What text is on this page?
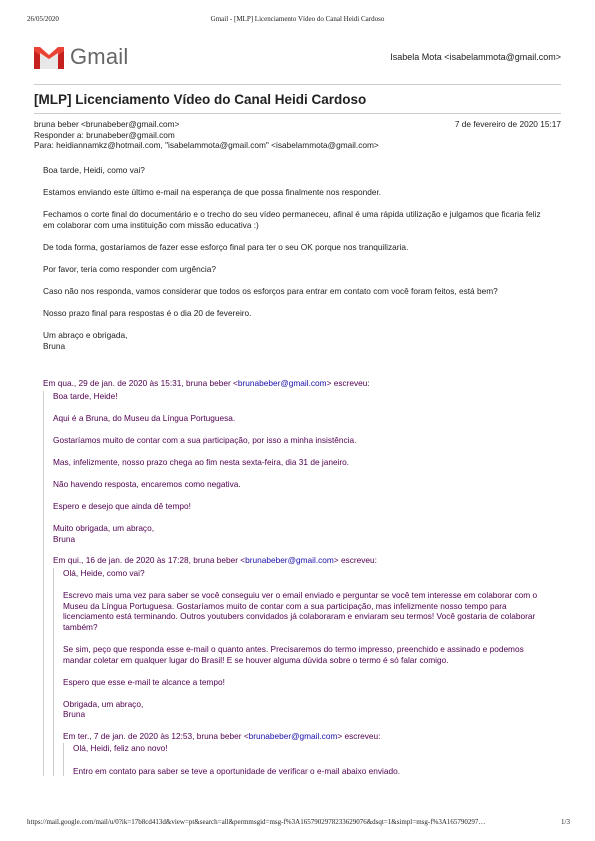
26/05/2020	Gmail - [MLP] Licenciamento Vídeo do Canal Heidi Cardoso
Gmail	Isabela Mota <isabelammota@gmail.com>
[MLP] Licenciamento Vídeo do Canal Heidi Cardoso
bruna beber <brunabeber@gmail.com>	7 de fevereiro de 2020 15:17
Responder a: brunabeber@gmail.com
Para: heidiannamkz@hotmail.com, "isabelammota@gmail.com" <isabelammota@gmail.com>

Boa tarde, Heidi, como vai?

Estamos enviando este último e-mail na esperança de que possa finalmente nos responder.

Fechamos o corte final do documentário e o trecho do seu vídeo permaneceu, afinal é uma rápida utilização e julgamos que ficaria feliz em colaborar com uma instituição com missão educativa :)

De toda forma, gostaríamos de fazer esse esforço final para ter o seu OK porque nos tranquilizaria.

Por favor, teria como responder com urgência?

Caso não nos responda, vamos considerar que todos os esforços para entrar em contato com você foram feitos, está bem?

Nosso prazo final para respostas é o dia 20 de fevereiro.

Um abraço e obrigada,
Bruna
Em qua., 29 de jan. de 2020 às 15:31, bruna beber <brunabeber@gmail.com> escreveu:

Boa tarde, Heide!

Aqui é a Bruna, do Museu da Língua Portuguesa.

Gostaríamos muito de contar com a sua participação, por isso a minha insistência.

Mas, infelizmente, nosso prazo chega ao fim nesta sexta-feira, dia 31 de janeiro.

Não havendo resposta, encaremos como negativa.

Espero e desejo que ainda dê tempo!

Muito obrigada, um abraço,
Bruna
Em qui., 16 de jan. de 2020 às 17:28, bruna beber <brunabeber@gmail.com> escreveu:

Olá, Heide, como vai?

Escrevo mais uma vez para saber se você conseguiu ver o email enviado e perguntar se você tem interesse em colaborar com o Museu da Língua Portuguesa. Gostaríamos muito de contar com a sua participação, mas infelizmente nosso tempo para licenciamento está terminando. Outros youtubers convidados já colaboraram e enviaram seu termos! Você gostaria de colaborar também?

Se sim, peço que responda esse e-mail o quanto antes. Precisaremos do termo impresso, preenchido e assinado e podemos mandar coletar em qualquer lugar do Brasil! E se houver alguma dúvida sobre o termo é só falar comigo.

Espero que esse e-mail te alcance a tempo!

Obrigada, um abraço,
Bruna
Em ter., 7 de jan. de 2020 às 12:53, bruna beber <brunabeber@gmail.com> escreveu:

Olá, Heidi, feliz ano novo!

Entro em contato para saber se teve a oportunidade de verificar o e-mail abaixo enviado.

https://mail.google.com/mail/u/0?ik=17b8cd413d&view=pt&search=all&permmsgid=msg-f%3A1657902978233629076&dsqt=1&simpl=msg-f%3A165790297…	1/3
